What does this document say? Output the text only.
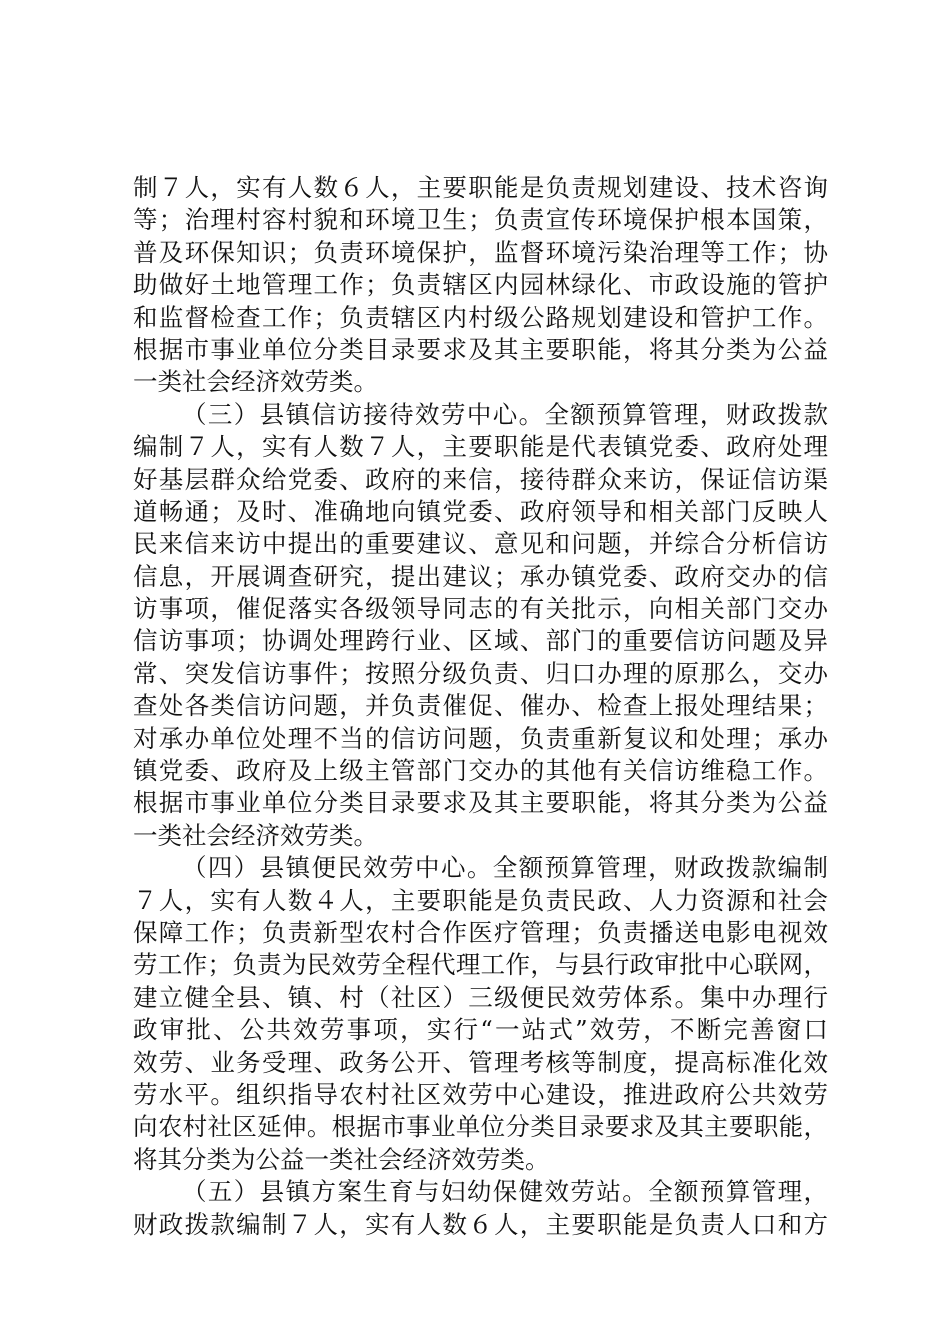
制７人，实有人数６人，主要职能是负责规划建设、技术咨询
等；治理村容村貌和环境卫生；负责宣传环境保护根本国策，
普及环保知识；负责环境保护，监督环境污染治理等工作；协
助做好土地管理工作；负责辖区内园林绿化、市政设施的管护
和监督检查工作；负责辖区内村级公路规划建设和管护工作。
根据市事业单位分类目录要求及其主要职能，将其分类为公益
一类社会经济效劳类。
（三）县镇信访接待效劳中心。全额预算管理，财政拨款
编制７人，实有人数７人，主要职能是代表镇党委、政府处理
好基层群众给党委、政府的来信，接待群众来访，保证信访渠
道畅通；及时、准确地向镇党委、政府领导和相关部门反映人
民来信来访中提出的重要建议、意见和问题，并综合分析信访
信息，开展调查研究，提出建议；承办镇党委、政府交办的信
访事项，催促落实各级领导同志的有关批示，向相关部门交办
信访事项；协调处理跨行业、区域、部门的重要信访问题及异
常、突发信访事件；按照分级负责、归口办理的原那么，交办
查处各类信访问题，并负责催促、催办、检查上报处理结果；
对承办单位处理不当的信访问题，负责重新复议和处理；承办
镇党委、政府及上级主管部门交办的其他有关信访维稳工作。
根据市事业单位分类目录要求及其主要职能，将其分类为公益
一类社会经济效劳类。
（四）县镇便民效劳中心。全额预算管理，财政拨款编制
７人，实有人数４人，主要职能是负责民政、人力资源和社会
保障工作；负责新型农村合作医疗管理；负责播送电影电视效
劳工作；负责为民效劳全程代理工作，与县行政审批中心联网，
建立健全县、镇、村（社区）三级便民效劳体系。集中办理行
政审批、公共效劳事项，实行“一站式”效劳，不断完善窗口
效劳、业务受理、政务公开、管理考核等制度，提高标准化效
劳水平。组织指导农村社区效劳中心建设，推进政府公共效劳
向农村社区延伸。根据市事业单位分类目录要求及其主要职能，
将其分类为公益一类社会经济效劳类。
（五）县镇方案生育与妇幼保健效劳站。全额预算管理，
财政拨款编制７人，实有人数６人，主要职能是负责人口和方
